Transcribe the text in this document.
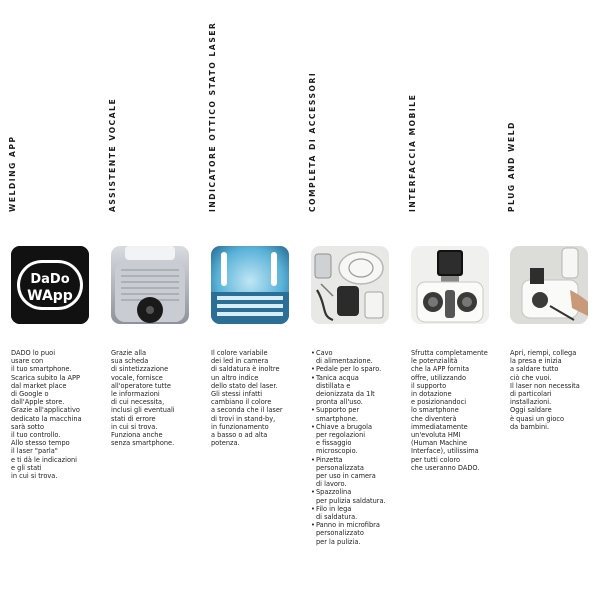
WELDING APP
DaDo
WApp

DADO lo puoi

usare con

il tuo smartphone.

Scarica subito la APP

dal market place

di Google o

dall'Apple store.

Grazie all'applicativo

dedicato la macchina

sarà sotto

il tuo controllo.

Allo stesso tempo

il laser "parla"

e ti dà le indicazioni

e gli stati

in cui si trova.

ASSISTENTE VOCALE

Grazie alla

sua scheda

di sintetizzazione

vocale, fornisce

all'operatore tutte

le informazioni

di cui necessita,

inclusi gli eventuali

stati di errore

in cui si trova.

Funziona anche

senza smartphone.

INDICATORE OTTICO STATO LASER

Il colore variabile

dei led in camera

di saldatura è inoltre

un altro indice

dello stato del laser.

Gli stessi infatti

cambiano il colore

a seconda che il laser

di trovi in stand-by,

in funzionamento

a basso o ad alta

potenza.

COMPLETA DI ACCESSORI
• Cavo
di alimentazione.
• Pedale per lo sparo.
• Tanica acqua
distillata e
deionizzata da 1lt
pronta all'uso.
• Supporto per
smartphone.
• Chiave a brugola
per regolazioni
e fissaggio
microscopio.
• Pinzetta
personalizzata
per uso in camera
di lavoro.
• Spazzolina
per pulizia saldatura.
• Filo in lega
di saldatura.
• Panno in microfibra
personalizzato
per la pulizia.
INTERFACCIA MOBILE

Sfrutta completamente

le potenzialità

che la APP fornita

offre, utilizzando

il supporto

in dotazione

e posizionandoci

lo smartphone

che diventerà

immediatamente

un'evoluta HMI

(Human Machine

Interface), utilissima

per tutti coloro

che useranno DADO.

PLUG AND WELD

Apri, riempi, collega

la presa e inizia

a saldare tutto

ciò che vuoi.

Il laser non necessita

di particolari

installazioni.

Oggi saldare

è quasi un gioco

da bambini.
